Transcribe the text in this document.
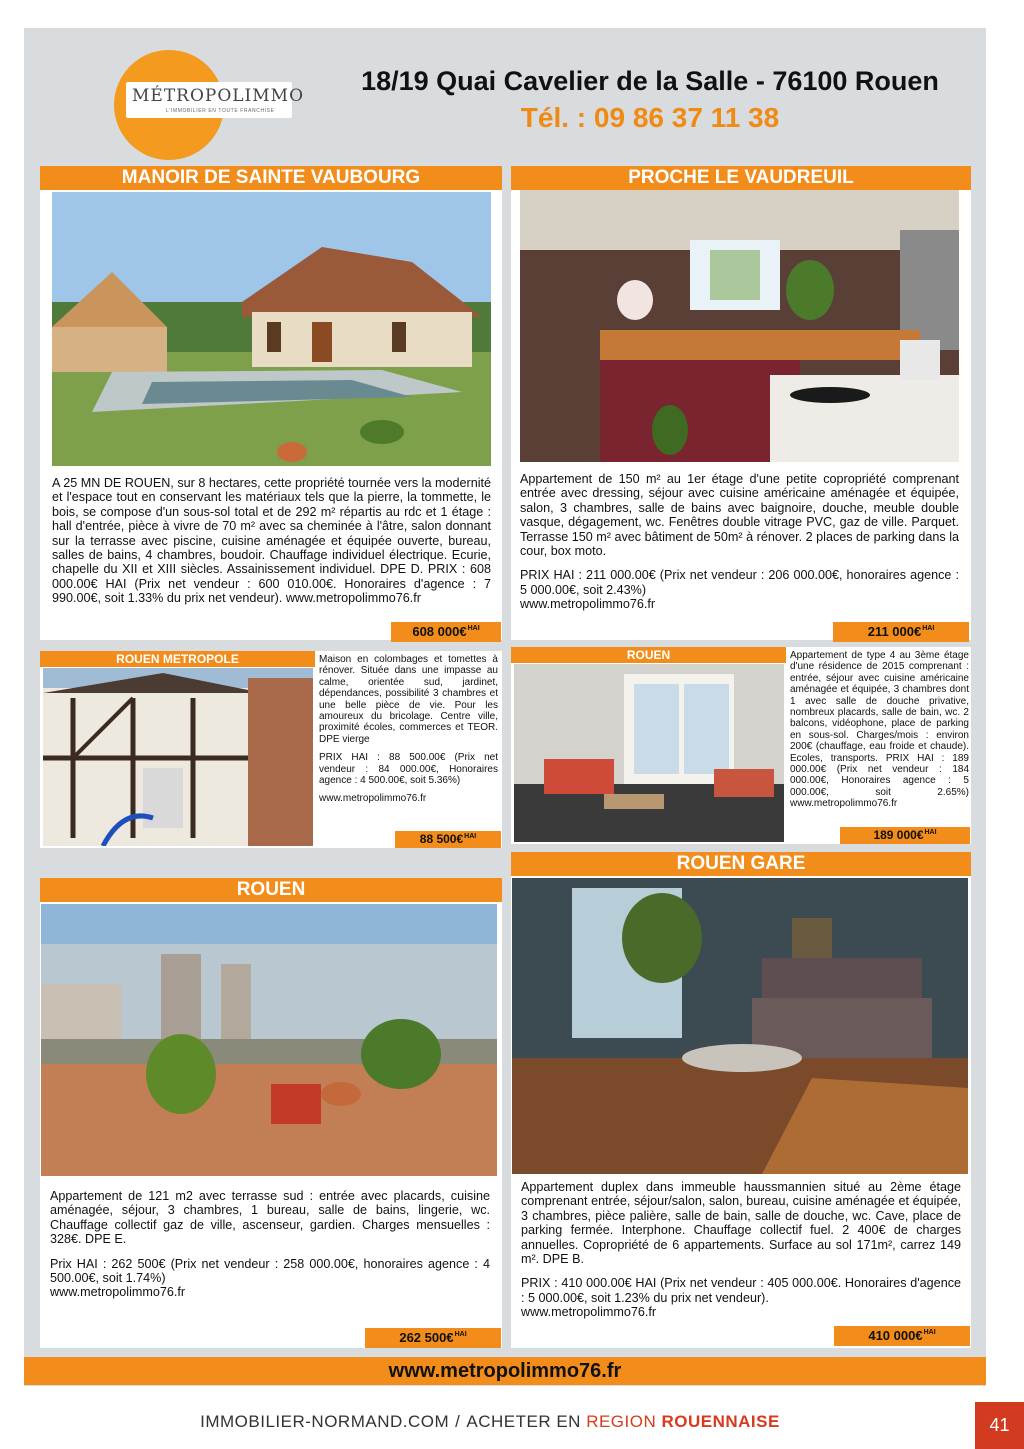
MÉTROPOLIMMO
L'IMMOBILIER EN TOUTE FRANCHISE
18/19 Quai Cavelier de la Salle - 76100 Rouen
Tél. : 09 86 37 11 38
MANOIR DE SAINTE VAUBOURG
A 25 MN DE ROUEN, sur 8 hectares, cette propriété tournée vers la modernité et l'espace tout en conservant les matériaux tels que la pierre, la tommette, le bois, se compose d'un sous-sol total et de 292 m² répartis au rdc et 1 étage : hall d'entrée, pièce à vivre de 70 m² avec sa cheminée à l'âtre, salon donnant sur la terrasse avec piscine, cuisine aménagée et équipée ouverte, bureau, salles de bains, 4 chambres, boudoir. Chauffage individuel électrique. Ecurie, chapelle du XII et XIII siècles. Assainissement individuel. DPE D. PRIX : 608 000.00€ HAI (Prix net vendeur : 600 010.00€. Honoraires d'agence : 7 990.00€, soit 1.33% du prix net vendeur). www.metropolimmo76.fr
608 000€$^{HAI}$
PROCHE LE VAUDREUIL

Appartement de 150 m² au 1er étage d'une petite copropriété comprenant entrée avec dressing, séjour avec cuisine américaine aménagée et équipée, salon, 3 chambres, salle de bains avec baignoire, douche, meuble double vasque, dégagement, wc. Fenêtres double vitrage PVC, gaz de ville. Parquet. Terrasse 150 m² avec bâtiment de 50m² à rénover. 2 places de parking dans la cour, box moto.

PRIX HAI : 211 000.00€ (Prix net vendeur : 206 000.00€, honoraires agence : 5 000.00€, soit 2.43%)
www.metropolimmo76.fr

211 000€$^{HAI}$
ROUEN METROPOLE	Maison en colombages et tomettes à rénover. Située dans une impasse au calme, orientée sud, jardinet, dépendances, possibilité 3 chambres et une belle pièce de vie. Pour les amoureux du bricolage. Centre ville, proximité écoles, commerces et TEOR. DPE vierge

PRIX HAI : 88 500.00€ (Prix net vendeur : 84 000.00€, Honoraires agence : 4 500.00€, soit 5.36%)

www.metropolimmo76.fr

88 500€$^{HAI}$
ROUEN	Appartement de type 4 au 3ème étage d'une résidence de 2015 comprenant : entrée, séjour avec cuisine américaine aménagée et équipée, 3 chambres dont 1 avec salle de douche privative, nombreux placards, salle de bain, wc. 2 balcons, vidéophone, place de parking en sous-sol. Charges/mois : environ 200€ (chauffage, eau froide et chaude). Ecoles, transports. PRIX HAI : 189 000.00€ (Prix net vendeur : 184 000.00€, Honoraires agence : 5 000.00€, soit 2.65%) www.metropolimmo76.fr
189 000€$^{HAI}$
ROUEN

Appartement de 121 m2 avec terrasse sud : entrée avec placards, cuisine aménagée, séjour, 3 chambres, 1 bureau, salle de bains, lingerie, wc. Chauffage collectif gaz de ville, ascenseur, gardien. Charges mensuelles : 328€. DPE E.

Prix HAI : 262 500€ (Prix net vendeur : 258 000.00€, honoraires agence : 4 500.00€, soit 1.74%)
www.metropolimmo76.fr

262 500€$^{HAI}$
ROUEN GARE

Appartement duplex dans immeuble haussmannien situé au 2ème étage comprenant entrée, séjour/salon, salon, bureau, cuisine aménagée et équipée, 3 chambres, pièce palière, salle de bain, salle de douche, wc. Cave, place de parking fermée. Interphone. Chauffage collectif fuel. 2 400€ de charges annuelles. Copropriété de 6 appartements. Surface au sol 171m², carrez 149 m². DPE B.

PRIX : 410 000.00€ HAI (Prix net vendeur : 405 000.00€. Honoraires d'agence : 5 000.00€, soit 1.23% du prix net vendeur).
www.metropolimmo76.fr

410 000€$^{HAI}$
www.metropolimmo76.fr
IMMOBILIER-NORMAND.COM / ACHETER EN REGION ROUENNAISE	41
